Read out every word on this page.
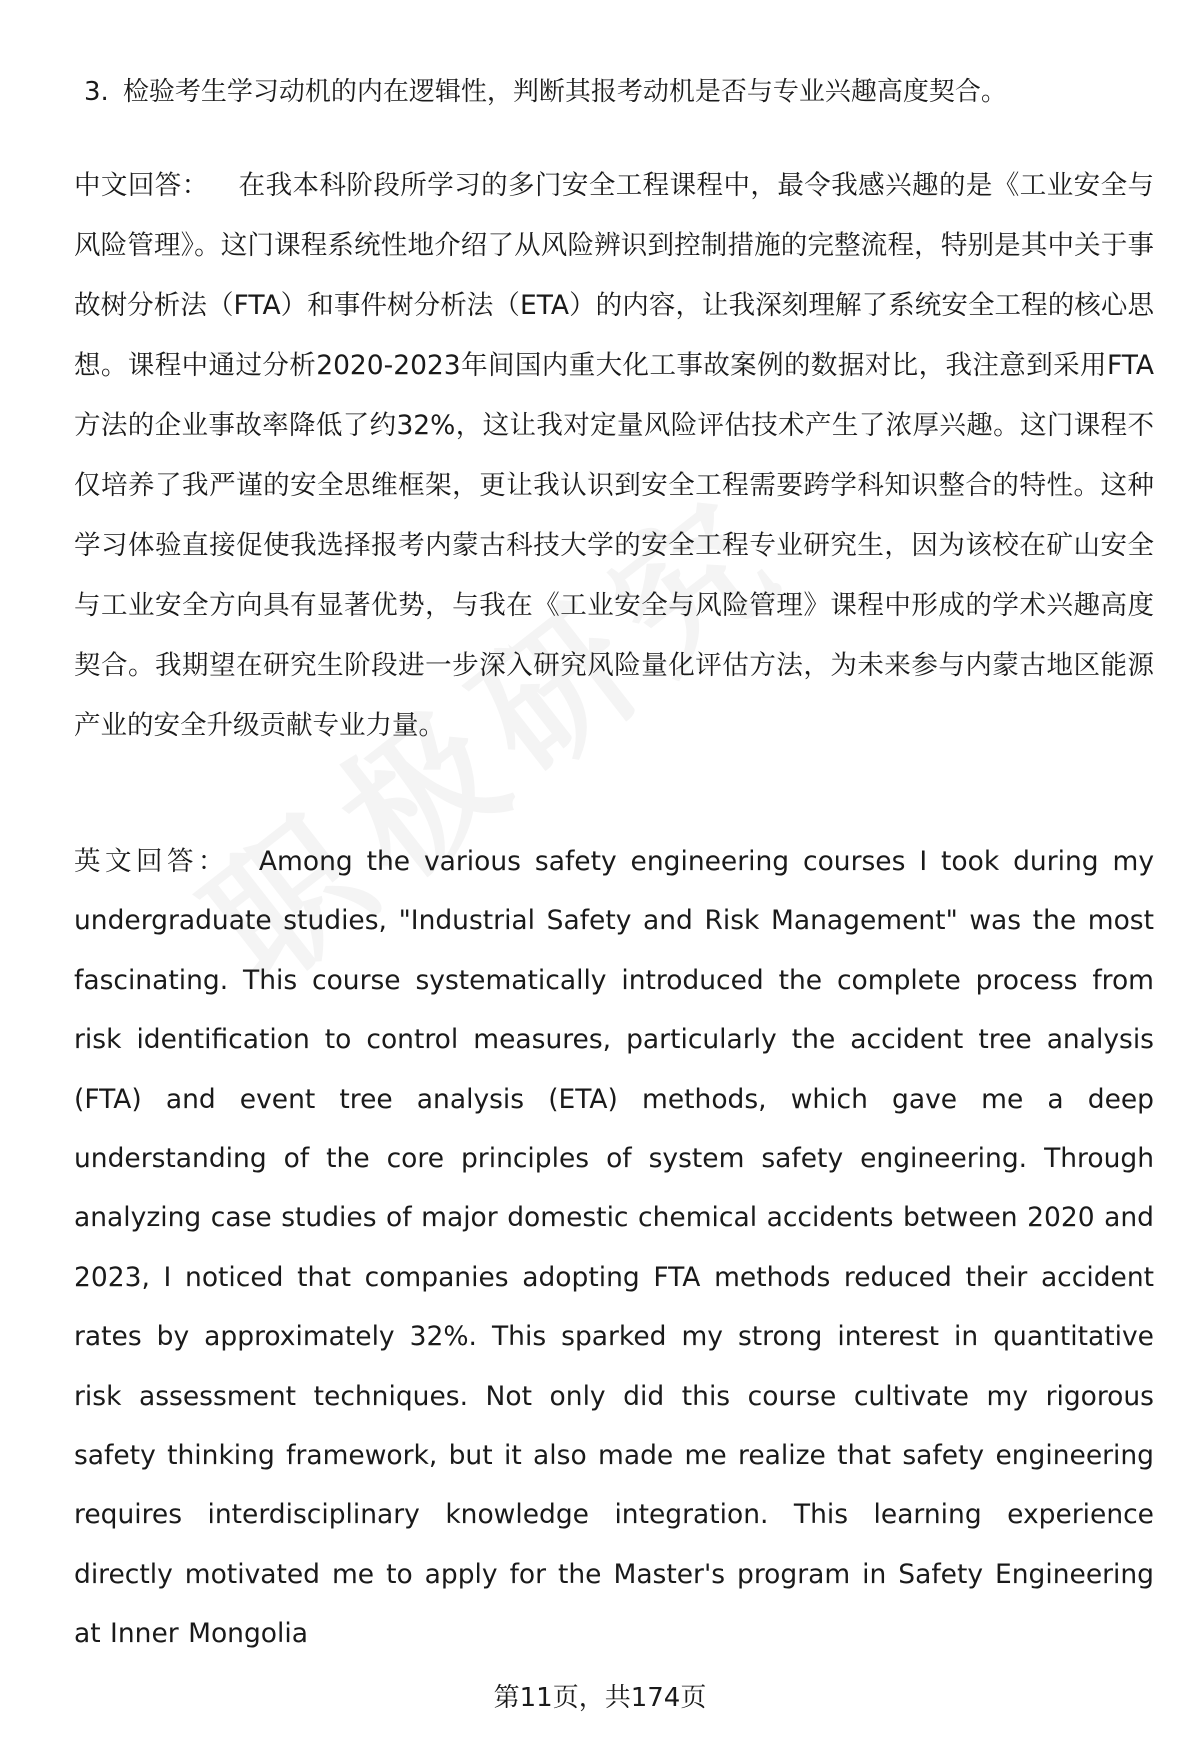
3. 检验考生学习动机的内在逻辑性，判断其报考动机是否与专业兴趣高度契合。

中文回答： 在我本科阶段所学习的多门安全工程课程中，最令我感兴趣的是《工业安全与风险管理》。这门课程系统性地介绍了从风险辨识到控制措施的完整流程，特别是其中关于事故树分析法（FTA）和事件树分析法（ETA）的内容，让我深刻理解了系统安全工程的核心思想。课程中通过分析2020-2023年间国内重大化工事故案例的数据对比，我注意到采用FTA方法的企业事故率降低了约32%，这让我对定量风险评估技术产生了浓厚兴趣。这门课程不仅培养了我严谨的安全思维框架，更让我认识到安全工程需要跨学科知识整合的特性。这种学习体验直接促使我选择报考内蒙古科技大学的安全工程专业研究生，因为该校在矿山安全与工业安全方向具有显著优势，与我在《工业安全与风险管理》课程中形成的学术兴趣高度契合。我期望在研究生阶段进一步深入研究风险量化评估方法，为未来参与内蒙古地区能源产业的安全升级贡献专业力量。

英文回答： Among the various safety engineering courses I took during my undergraduate studies, "Industrial Safety and Risk Management" was the most fascinating. This course systematically introduced the complete process from risk identification to control measures, particularly the accident tree analysis (FTA) and event tree analysis (ETA) methods, which gave me a deep understanding of the core principles of system safety engineering. Through analyzing case studies of major domestic chemical accidents between 2020 and 2023, I noticed that companies adopting FTA methods reduced their accident rates by approximately 32%. This sparked my strong interest in quantitative risk assessment techniques. Not only did this course cultivate my rigorous safety thinking framework, but it also made me realize that safety engineering requires interdisciplinary knowledge integration. This learning experience directly motivated me to apply for the Master's program in Safety Engineering at Inner Mongolia

第11页，共174页
